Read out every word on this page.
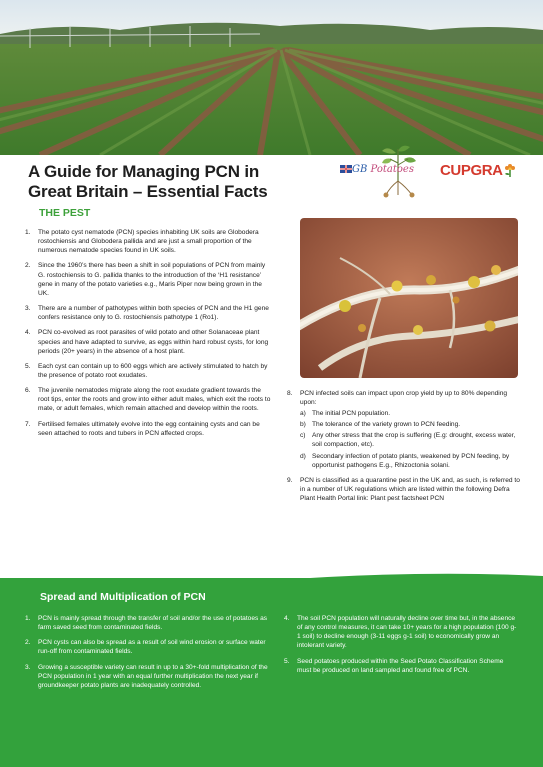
A Guide for Managing PCN in
Great Britain – Essential Facts
GB Potatoes CUPGRA
THE PEST
1.	The potato cyst nematode (PCN) species inhabiting UK soils are Globodera rostochiensis and Globodera pallida and are just a small proportion of the numerous nematode species found in UK soils.
2.	Since the 1960’s there has been a shift in soil populations of PCN from mainly G. rostochiensis to G. pallida thanks to the introduction of the ‘H1 resistance’ gene in many of the potato varieties e.g., Maris Piper now being grown in the UK.
3.	There are a number of pathotypes within both species of PCN and the H1 gene confers resistance only to G. rostochiensis pathotype 1 (Ro1).
4.	PCN co-evolved as root parasites of wild potato and other Solanaceae plant species and have adapted to survive, as eggs within hard robust cysts, for long periods (20+ years) in the absence of a host plant.
5.	Each cyst can contain up to 600 eggs which are actively stimulated to hatch by the presence of potato root exudates.
6.	The juvenile nematodes migrate along the root exudate gradient towards the root tips, enter the roots and grow into either adult males, which exit the roots to mate, or adult females, which remain attached and develop within the roots.
7.	Fertilised females ultimately evolve into the egg containing cysts and can be seen attached to roots and tubers in PCN affected crops.
8.	PCN infected soils can impact upon crop yield by up to 80% depending upon:
a) The initial PCN population.
b) The tolerance of the variety grown to PCN feeding.
c) Any other stress that the crop is suffering (E.g: drought, excess water, soil compaction, etc).
d) Secondary infection of potato plants, weakened by PCN feeding, by opportunist pathogens E.g., Rhizoctonia solani.
9.	PCN is classified as a quarantine pest in the UK and, as such, is referred to in a number of UK regulations which are listed within the following Defra Plant Health Portal link: Plant pest factsheet PCN
Spread and Multiplication of PCN
1.	PCN is mainly spread through the transfer of soil and/or the use of potatoes as farm saved seed from contaminated fields.
2.	PCN cysts can also be spread as a result of soil wind erosion or surface water run-off from contaminated fields.
3.	Growing a susceptible variety can result in up to a 30+-fold multiplication of the PCN population in 1 year with an equal further multiplication the next year if groundkeeper potato plants are inadequately controlled.
4.	The soil PCN population will naturally decline over time but, in the absence of any control measures, it can take 10+ years for a high population (100 g-1 soil) to decline enough (3-11 eggs g-1 soil) to economically grow an intolerant variety.
5.	Seed potatoes produced within the Seed Potato Classification Scheme must be produced on land sampled and found free of PCN.
